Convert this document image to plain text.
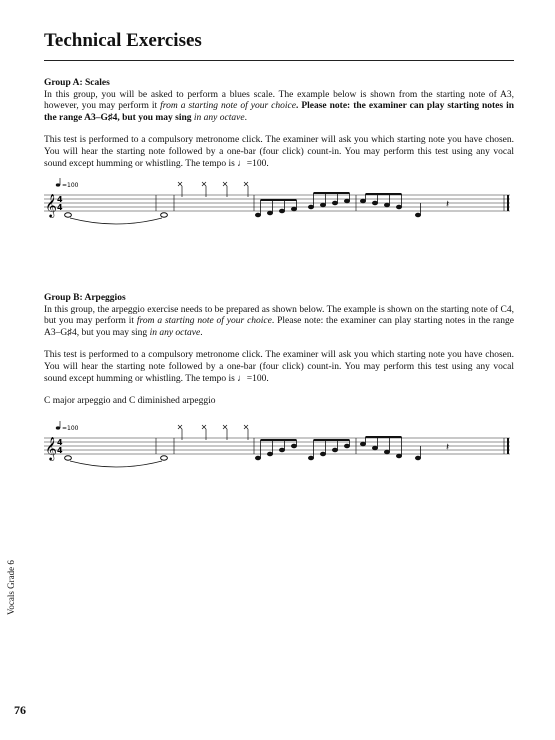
Technical Exercises
Group A: Scales

In this group, you will be asked to perform a blues scale. The example below is shown from the starting note of A3, however, you may perform it from a starting note of your choice. Please note: the examiner can play starting notes in the range A3–G♯4, but you may sing in any octave.

This test is performed to a compulsory metronome click. The examiner will ask you which starting note you have chosen. You will hear the starting note followed by a one-bar (four click) count-in. You may perform this test using any vocal sound except humming or whistling. The tempo is ♩=100.

=100
𝄞 4
4	𝄽
Group B: Arpeggios

In this group, the arpeggio exercise needs to be prepared as shown below. The example is shown on the starting note of C4, but you may perform it from a starting note of your choice. Please note: the examiner can play starting notes in the range A3–G♯4, but you may sing in any octave.

This test is performed to a compulsory metronome click. The examiner will ask you which starting note you have chosen. You will hear the starting note followed by a one-bar (four click) count-in. You may perform this test using any vocal sound except humming or whistling. The tempo is ♩=100.

C major arpeggio and C diminished arpeggio
=100
𝄞 4
4	𝄽
Vocals Grade 6
76
